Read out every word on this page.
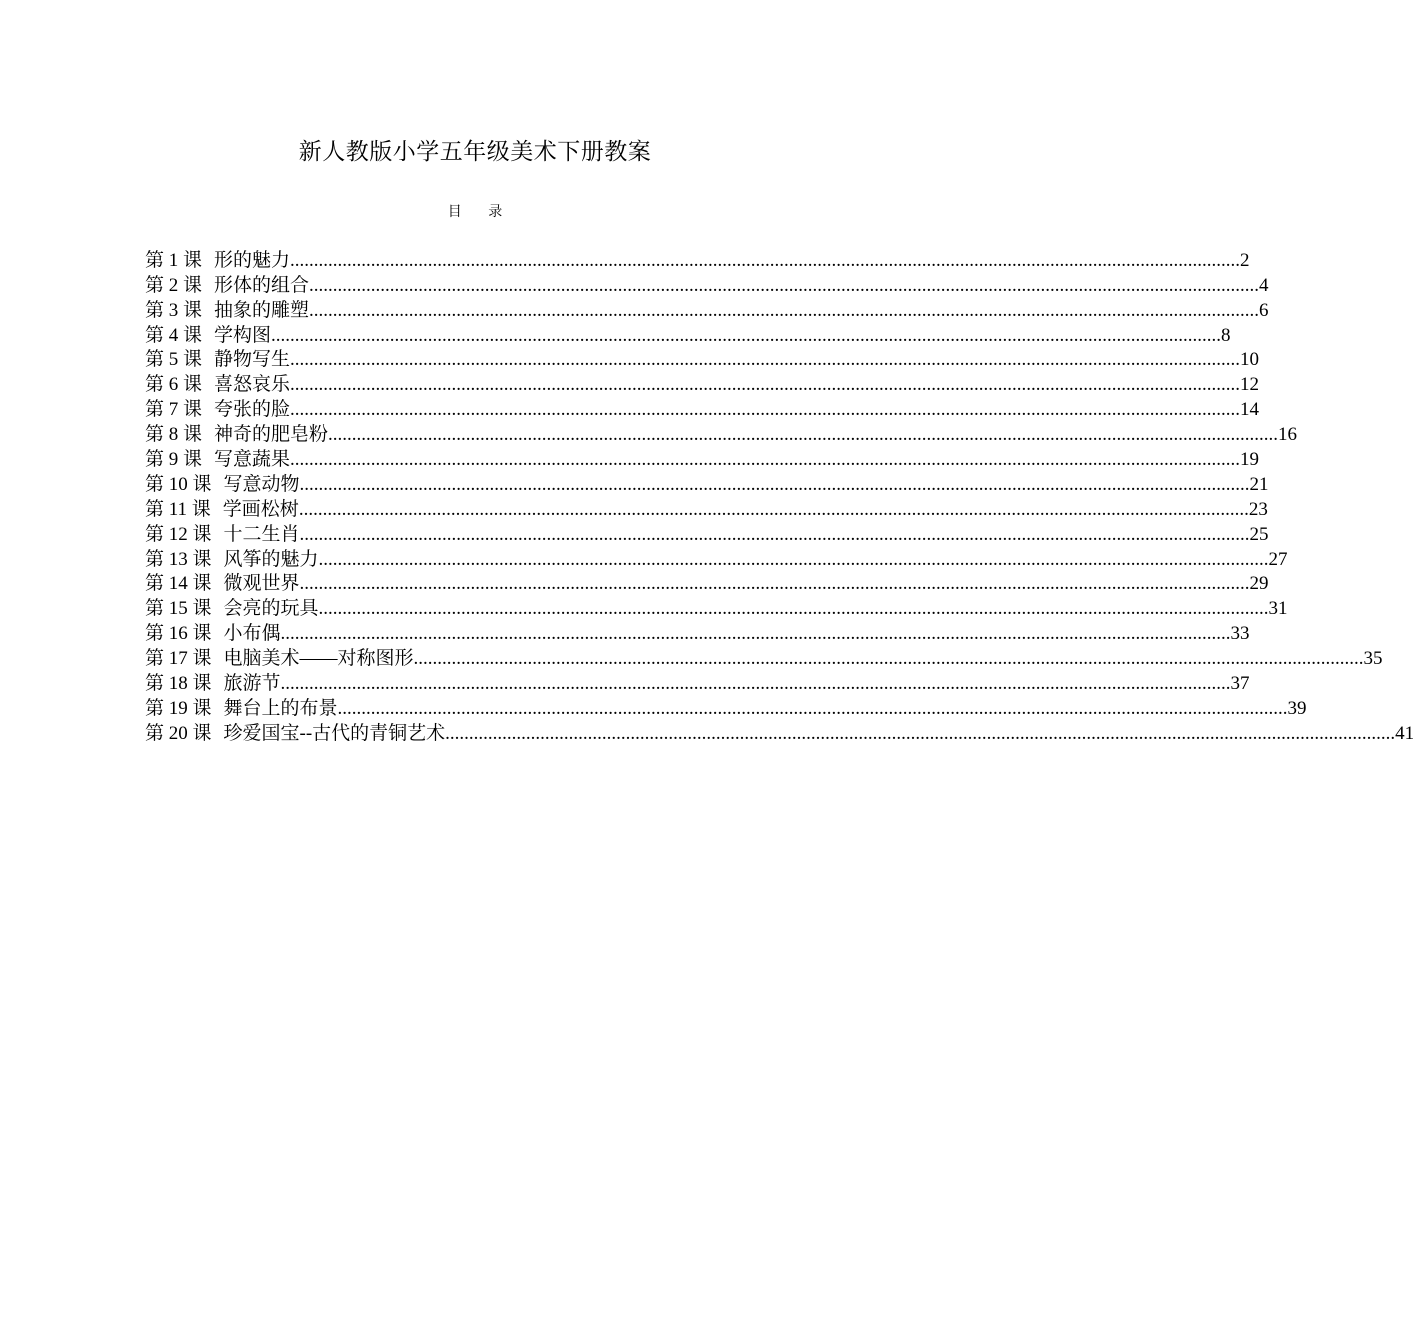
新人教版小学五年级美术下册教案
目 录
第 1 课 形的魅力 ........................................................................................................................................................................................................ 2
第 2 课 形体的组合 ........................................................................................................................................................................................................ 4
第 3 课 抽象的雕塑 ........................................................................................................................................................................................................ 6
第 4 课 学构图 ........................................................................................................................................................................................................ 8
第 5 课 静物写生 ........................................................................................................................................................................................................ 10
第 6 课 喜怒哀乐 ........................................................................................................................................................................................................ 12
第 7 课 夸张的脸 ........................................................................................................................................................................................................ 14
第 8 课 神奇的肥皂粉 ........................................................................................................................................................................................................ 16
第 9 课 写意蔬果 ........................................................................................................................................................................................................ 19
第 10 课 写意动物 ........................................................................................................................................................................................................ 21
第 11 课 学画松树 ........................................................................................................................................................................................................ 23
第 12 课 十二生肖 ........................................................................................................................................................................................................ 25
第 13 课 风筝的魅力 ........................................................................................................................................................................................................ 27
第 14 课 微观世界 ........................................................................................................................................................................................................ 29
第 15 课 会亮的玩具 ........................................................................................................................................................................................................ 31
第 16 课 小布偶 ........................................................................................................................................................................................................ 33
第 17 课 电脑美术——对称图形 ........................................................................................................................................................................................................ 35
第 18 课 旅游节 ........................................................................................................................................................................................................ 37
第 19 课 舞台上的布景 ........................................................................................................................................................................................................ 39
第 20 课 珍爱国宝--古代的青铜艺术 ........................................................................................................................................................................................................ 41
